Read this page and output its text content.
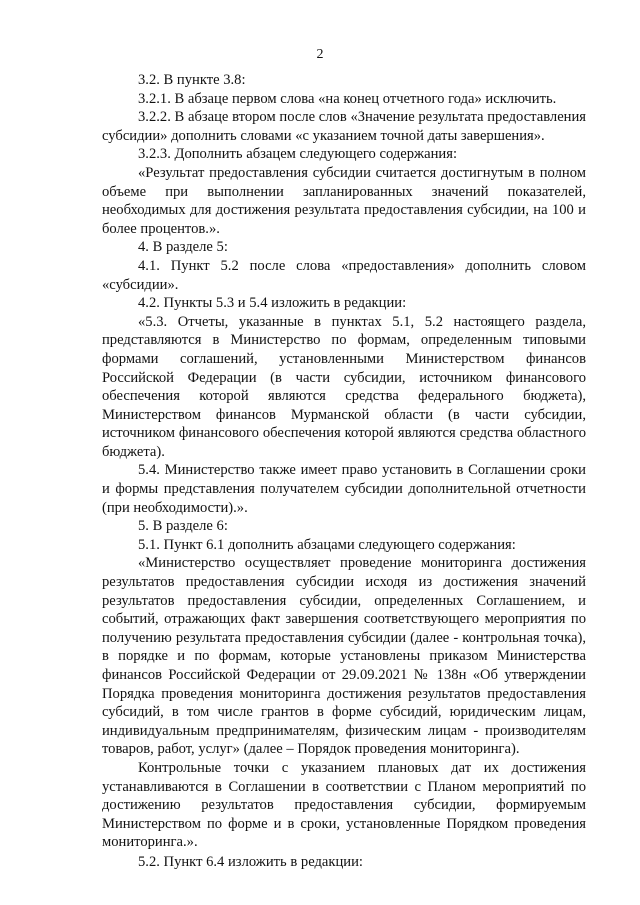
2

3.2. В пункте 3.8:

3.2.1. В абзаце первом слова «на конец отчетного года» исключить.

3.2.2. В абзаце втором после слов «Значение результата предоставления субсидии» дополнить словами «с указанием точной даты завершения».

3.2.3. Дополнить абзацем следующего содержания:

«Результат предоставления субсидии считается достигнутым в полном объеме при выполнении запланированных значений показателей, необходимых для достижения результата предоставления субсидии, на 100 и более процентов.».

4. В разделе 5:

4.1. Пункт 5.2 после слова «предоставления» дополнить словом «субсидии».

4.2. Пункты 5.3 и 5.4 изложить в редакции:

«5.3. Отчеты, указанные в пунктах 5.1, 5.2 настоящего раздела, представляются в Министерство по формам, определенным типовыми формами соглашений, установленными Министерством финансов Российской Федерации (в части субсидии, источником финансового обеспечения которой являются средства федерального бюджета), Министерством финансов Мурманской области (в части субсидии, источником финансового обеспечения которой являются средства областного бюджета).

5.4. Министерство также имеет право установить в Соглашении сроки и формы представления получателем субсидии дополнительной отчетности (при необходимости).».

5. В разделе 6:

5.1. Пункт 6.1 дополнить абзацами следующего содержания:

«Министерство осуществляет проведение мониторинга достижения результатов предоставления субсидии исходя из достижения значений результатов предоставления субсидии, определенных Соглашением, и событий, отражающих факт завершения соответствующего мероприятия по получению результата предоставления субсидии (далее - контрольная точка), в порядке и по формам, которые установлены приказом Министерства финансов Российской Федерации от 29.09.2021 № 138н «Об утверждении Порядка проведения мониторинга достижения результатов предоставления субсидий, в том числе грантов в форме субсидий, юридическим лицам, индивидуальным предпринимателям, физическим лицам - производителям товаров, работ, услуг» (далее – Порядок проведения мониторинга).

Контрольные точки с указанием плановых дат их достижения устанавливаются в Соглашении в соответствии с Планом мероприятий по достижению результатов предоставления субсидии, формируемым Министерством по форме и в сроки, установленные Порядком проведения мониторинга.».

5.2. Пункт 6.4 изложить в редакции:
